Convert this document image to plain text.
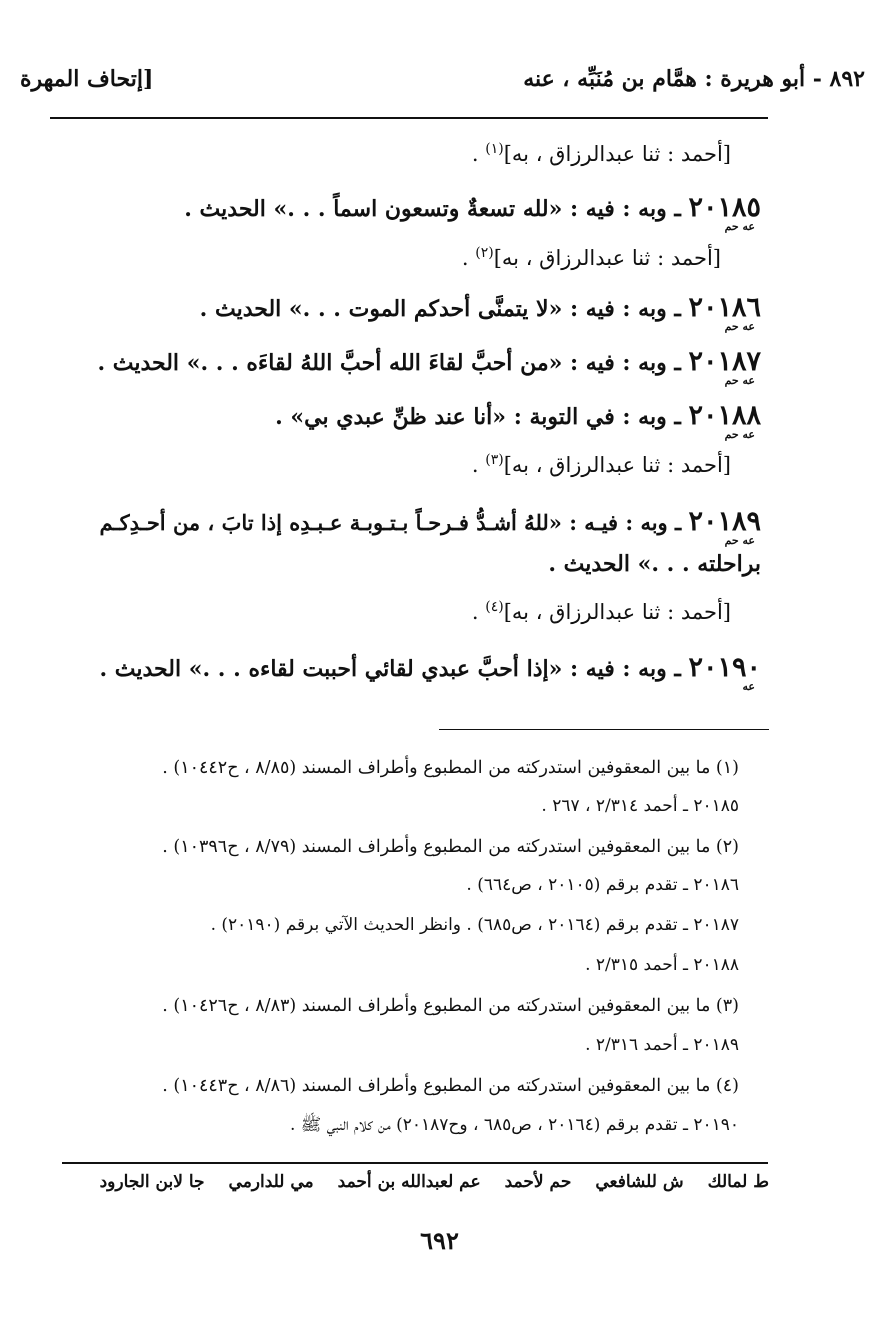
٨٩٢ - أبو هريرة : همَّام بن مُنَبِّه ، عنه
[إتحاف المهرة
[أحمد : ثنا عبدالرزاق ، به]$^{(١)}$ .
٢٠١٨٥ ـ وبه : فيه : «لله تسعةٌ وتسعون اسماً . . .» الحديث .
عه حم
[أحمد : ثنا عبدالرزاق ، به]$^{(٢)}$ .
٢٠١٨٦ ـ وبه : فيه : «لا يتمنَّى أحدكم الموت . . .» الحديث .
عه حم
٢٠١٨٧ ـ وبه : فيه : «من أحبَّ لقاءَ الله أحبَّ اللهُ لقاءَه . . .» الحديث .
عه حم
٢٠١٨٨ ـ وبه : في التوبة : «أنا عند ظنِّ عبدي بي» .
عه حم
[أحمد : ثنا عبدالرزاق ، به]$^{(٣)}$ .
٢٠١٨٩ ـ وبه : فيـه : «للهُ أشـدُّ فـرحـاً بـتـوبـة عـبـدِه إذا تابَ ، من أحـدِكـم
عه حم
براحلته . . .» الحديث .
[أحمد : ثنا عبدالرزاق ، به]$^{(٤)}$ .
٢٠١٩٠ ـ وبه : فيه : «إذا أحبَّ عبدي لقائي أحببت لقاءه . . .» الحديث .
عه
(١) ما بين المعقوفين استدركته من المطبوع وأطراف المسند (٨/٨٥ ، ح١٠٤٤٢) .
٢٠١٨٥ ـ أحمد ٢/٣١٤ ، ٢٦٧ .
(٢) ما بين المعقوفين استدركته من المطبوع وأطراف المسند (٨/٧٩ ، ح١٠٣٩٦) .
٢٠١٨٦ ـ تقدم برقم (٢٠١٠٥ ، ص٦٦٤) .
٢٠١٨٧ ـ تقدم برقم (٢٠١٦٤ ، ص٦٨٥) . وانظر الحديث الآتي برقم (٢٠١٩٠) .
٢٠١٨٨ ـ أحمد ٢/٣١٥ .
(٣) ما بين المعقوفين استدركته من المطبوع وأطراف المسند (٨/٨٣ ، ح١٠٤٢٦) .
٢٠١٨٩ ـ أحمد ٢/٣١٦ .
(٤) ما بين المعقوفين استدركته من المطبوع وأطراف المسند (٨/٨٦ ، ح١٠٤٤٣) .
٢٠١٩٠ ـ تقدم برقم (٢٠١٦٤ ، ص٦٨٥ ، وح٢٠١٨٧) من كلام النبي ﷺ .
ط لمالك
ش للشافعي
حم لأحمد
عم لعبدالله بن أحمد
مي للدارمي
جا لابن الجارود
٦٩٢
